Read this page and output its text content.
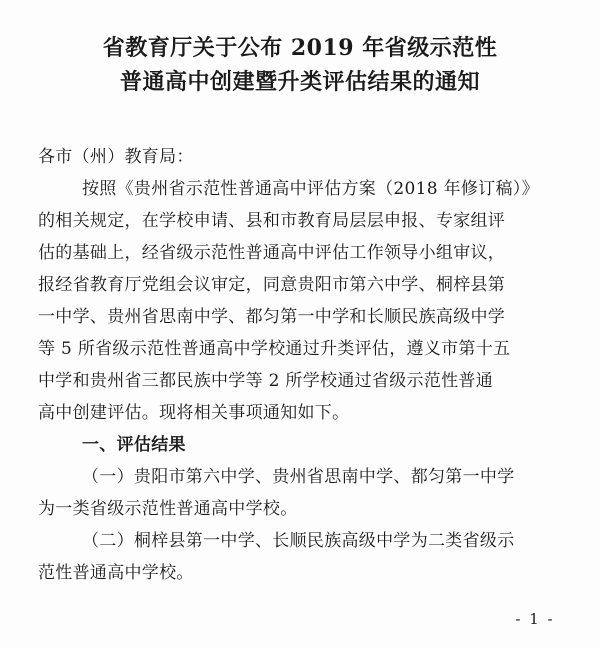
省教育厅关于公布 2019 年省级示范性
普通高中创建暨升类评估结果的通知
各市（州）教育局：
按照《贵州省示范性普通高中评估方案（2018 年修订稿）》
的相关规定，在学校申请、县和市教育局层层申报、专家组评
估的基础上，经省级示范性普通高中评估工作领导小组审议，
报经省教育厅党组会议审定，同意贵阳市第六中学、桐梓县第
一中学、贵州省思南中学、都匀第一中学和长顺民族高级中学
等 5 所省级示范性普通高中学校通过升类评估，遵义市第十五
中学和贵州省三都民族中学等 2 所学校通过省级示范性普通
高中创建评估。现将相关事项通知如下。
一、评估结果
（一）贵阳市第六中学、贵州省思南中学、都匀第一中学
为一类省级示范性普通高中学校。
（二）桐梓县第一中学、长顺民族高级中学为二类省级示
范性普通高中学校。
- 1 -
